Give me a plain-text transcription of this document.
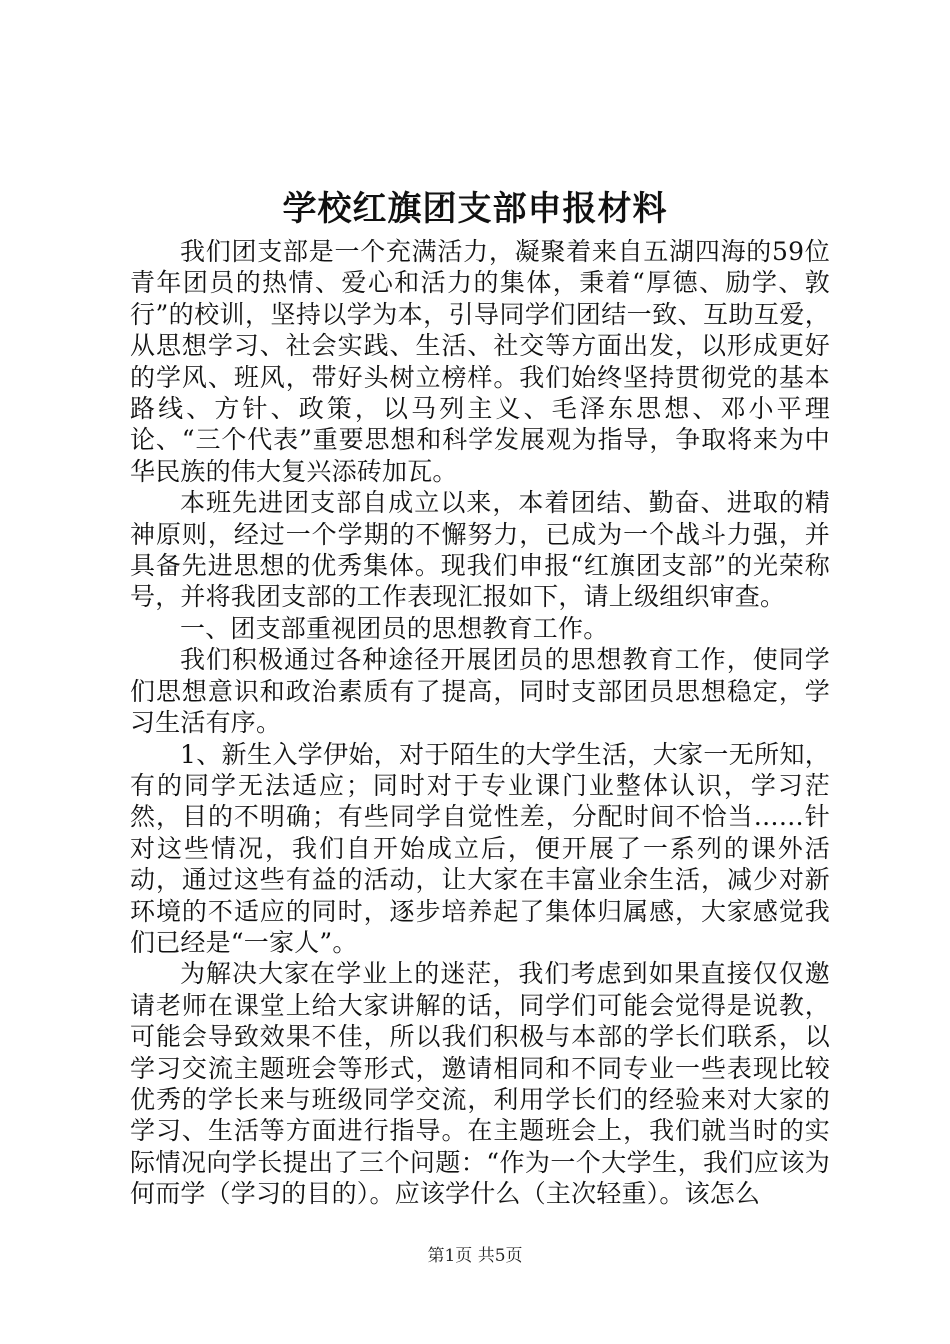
学校红旗团支部申报材料

我们团支部是一个充满活力，凝聚着来自五湖四海的59位青年团员的热情、爱心和活力的集体，秉着“厚德、励学、敦行”的校训，坚持以学为本，引导同学们团结一致、互助互爱，从思想学习、社会实践、生活、社交等方面出发，以形成更好的学风、班风，带好头树立榜样。我们始终坚持贯彻党的基本路线、方针、政策，以马列主义、毛泽东思想、邓小平理论、“三个代表”重要思想和科学发展观为指导，争取将来为中华民族的伟大复兴添砖加瓦。

本班先进团支部自成立以来，本着团结、勤奋、进取的精神原则，经过一个学期的不懈努力，已成为一个战斗力强，并具备先进思想的优秀集体。现我们申报“红旗团支部”的光荣称号，并将我团支部的工作表现汇报如下，请上级组织审查。

一、团支部重视团员的思想教育工作。

我们积极通过各种途径开展团员的思想教育工作，使同学们思想意识和政治素质有了提高，同时支部团员思想稳定，学习生活有序。

1、新生入学伊始，对于陌生的大学生活，大家一无所知，有的同学无法适应；同时对于专业课门业整体认识，学习茫然，目的不明确；有些同学自觉性差，分配时间不恰当……针对这些情况，我们自开始成立后，便开展了一系列的课外活动，通过这些有益的活动，让大家在丰富业余生活，减少对新环境的不适应的同时，逐步培养起了集体归属感，大家感觉我们已经是“一家人”。

为解决大家在学业上的迷茫，我们考虑到如果直接仅仅邀请老师在课堂上给大家讲解的话，同学们可能会觉得是说教，可能会导致效果不佳，所以我们积极与本部的学长们联系，以学习交流主题班会等形式，邀请相同和不同专业一些表现比较优秀的学长来与班级同学交流，利用学长们的经验来对大家的学习、生活等方面进行指导。在主题班会上，我们就当时的实际情况向学长提出了三个问题：“作为一个大学生，我们应该为何而学（学习的目的）。应该学什么（主次轻重）。该怎么

第1页 共5页
